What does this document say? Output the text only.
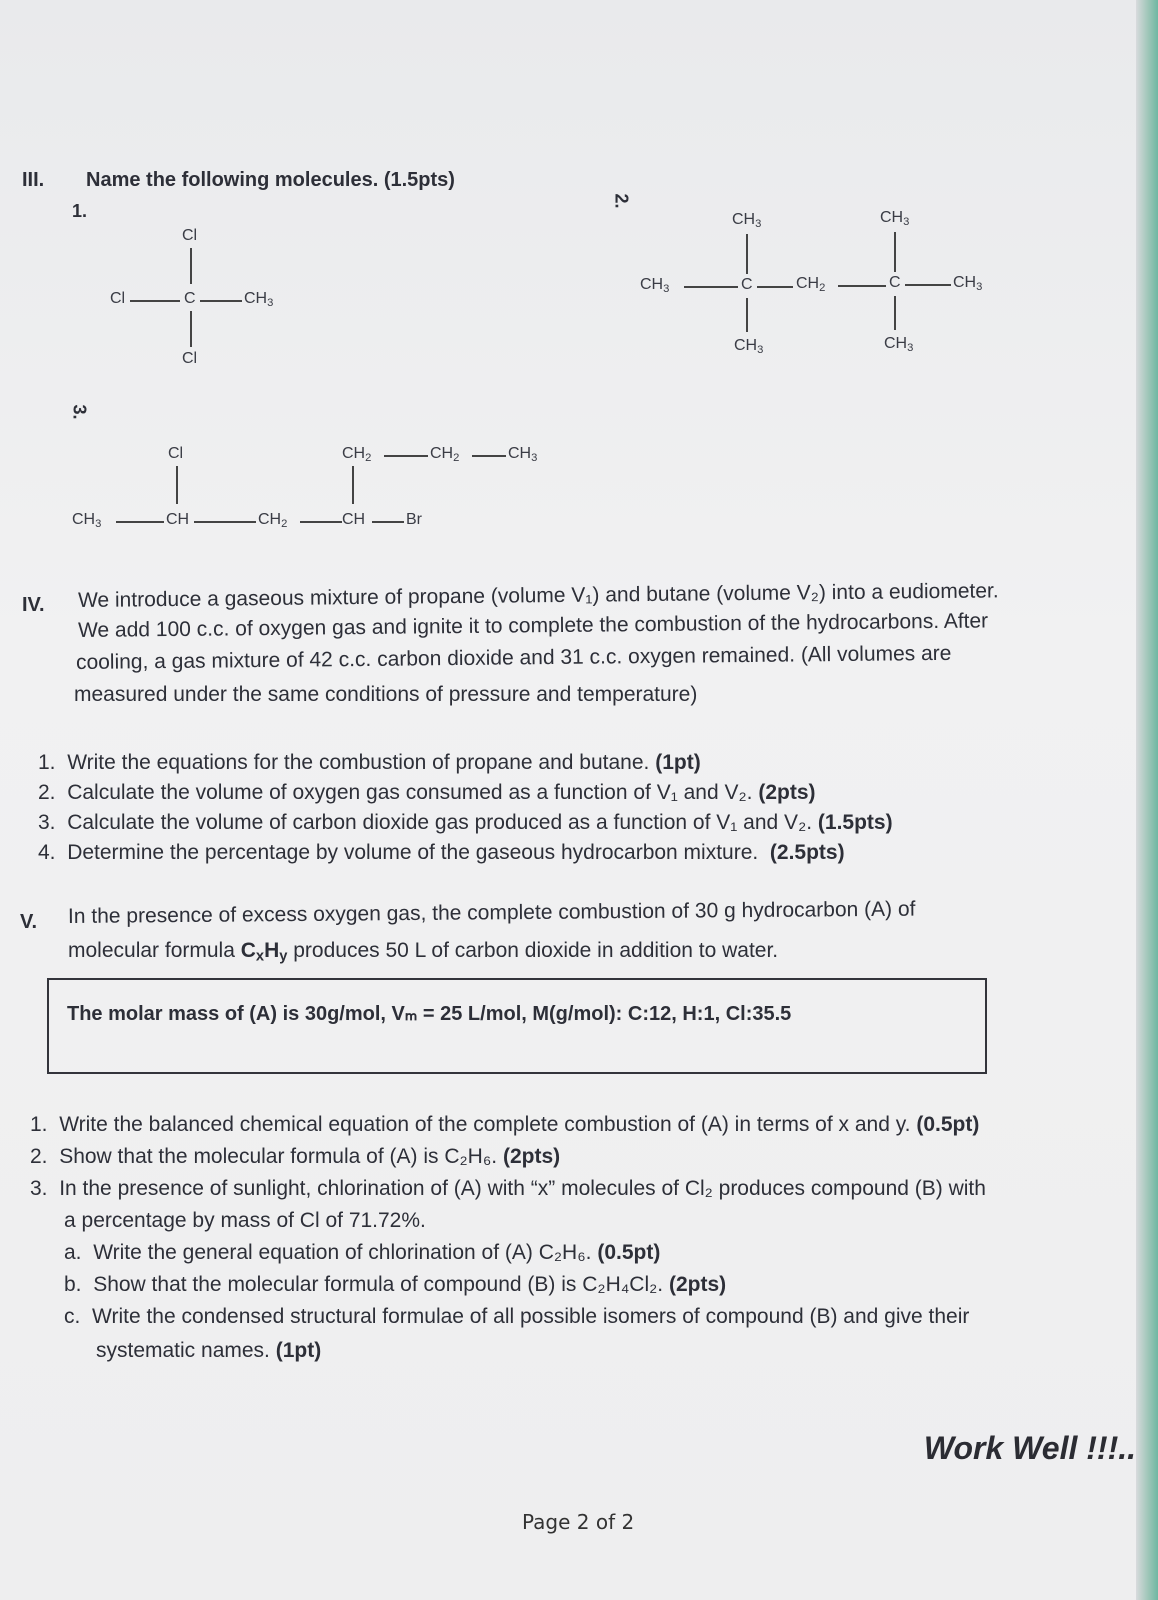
III. Name the following molecules. (1.5pts)
1.	2.
3.
Cl
Cl	C	$CH_3$
Cl
$CH_3$	$CH_3$
$CH_3$	C	$CH_2$	C	$CH_3$
$CH_3$	$CH_3$
Cl	$CH_2$	$CH_2$	$CH_3$
$CH_3$	CH	$CH_2$	CH	Br
IV. We introduce a gaseous mixture of propane (volume V₁) and butane (volume V₂) into a eudiometer.
We add 100 c.c. of oxygen gas and ignite it to complete the combustion of the hydrocarbons. After
cooling, a gas mixture of 42 c.c. carbon dioxide and 31 c.c. oxygen remained. (All volumes are
measured under the same conditions of pressure and temperature)
1. Write the equations for the combustion of propane and butane. (1pt)
2. Calculate the volume of oxygen gas consumed as a function of V₁ and V₂. (2pts)
3. Calculate the volume of carbon dioxide gas produced as a function of V₁ and V₂. (1.5pts)
4. Determine the percentage by volume of the gaseous hydrocarbon mixture. (2.5pts)
V. In the presence of excess oxygen gas, the complete combustion of 30 g hydrocarbon (A) of
molecular formula $C_xH_y$ produces 50 L of carbon dioxide in addition to water.
The molar mass of (A) is 30g/mol, Vₘ = 25 L/mol, M(g/mol): C:12, H:1, Cl:35.5
1. Write the balanced chemical equation of the complete combustion of (A) in terms of x and y. (0.5pt)
2. Show that the molecular formula of (A) is C₂H₆. (2pts)
3. In the presence of sunlight, chlorination of (A) with “x” molecules of Cl₂ produces compound (B) with
a percentage by mass of Cl of 71.72%.
a. Write the general equation of chlorination of (A) C₂H₆. (0.5pt)
b. Show that the molecular formula of compound (B) is C₂H₄Cl₂. (2pts)
c. Write the condensed structural formulae of all possible isomers of compound (B) and give their
systematic names. (1pt)
Work Well !!!..
Page 2 of 2
